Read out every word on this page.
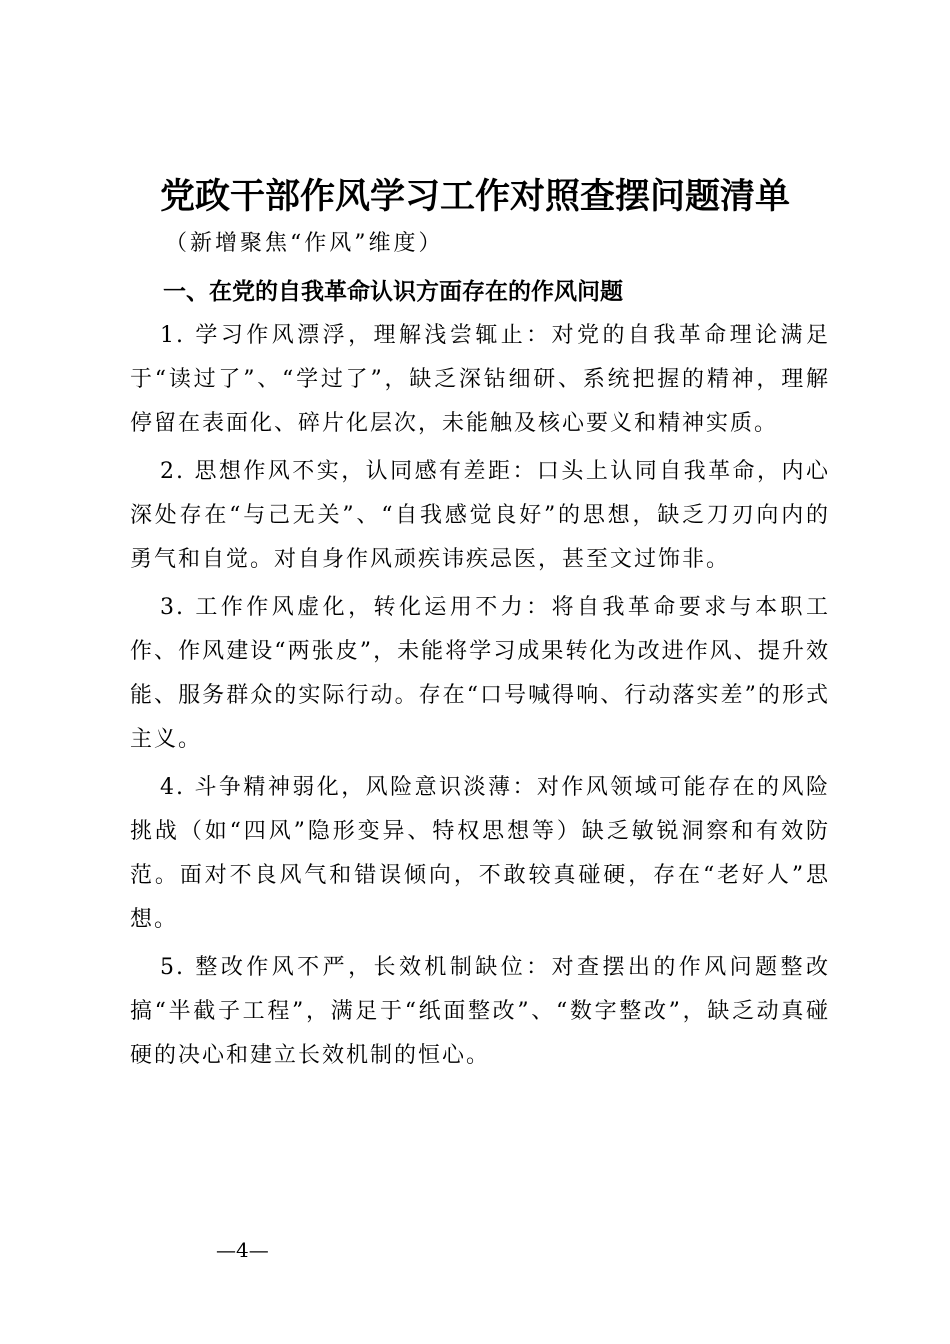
党政干部作风学习工作对照查摆问题清单

（新增聚焦“作风”维度）

一、在党的自我革命认识方面存在的作风问题

1. 学习作风漂浮，理解浅尝辄止：对党的自我革命理论满足于“读过了”、“学过了”，缺乏深钻细研、系统把握的精神，理解停留在表面化、碎片化层次，未能触及核心要义和精神实质。

2. 思想作风不实，认同感有差距：口头上认同自我革命，内心深处存在“与己无关”、“自我感觉良好”的思想，缺乏刀刃向内的勇气和自觉。对自身作风顽疾讳疾忌医，甚至文过饰非。

3. 工作作风虚化，转化运用不力：将自我革命要求与本职工作、作风建设“两张皮”，未能将学习成果转化为改进作风、提升效能、服务群众的实际行动。存在“口号喊得响、行动落实差”的形式主义。

4. 斗争精神弱化，风险意识淡薄：对作风领域可能存在的风险挑战（如“四风”隐形变异、特权思想等）缺乏敏锐洞察和有效防范。面对不良风气和错误倾向，不敢较真碰硬，存在“老好人”思想。

5. 整改作风不严，长效机制缺位：对查摆出的作风问题整改搞“半截子工程”，满足于“纸面整改”、“数字整改”，缺乏动真碰硬的决心和建立长效机制的恒心。

—4—
